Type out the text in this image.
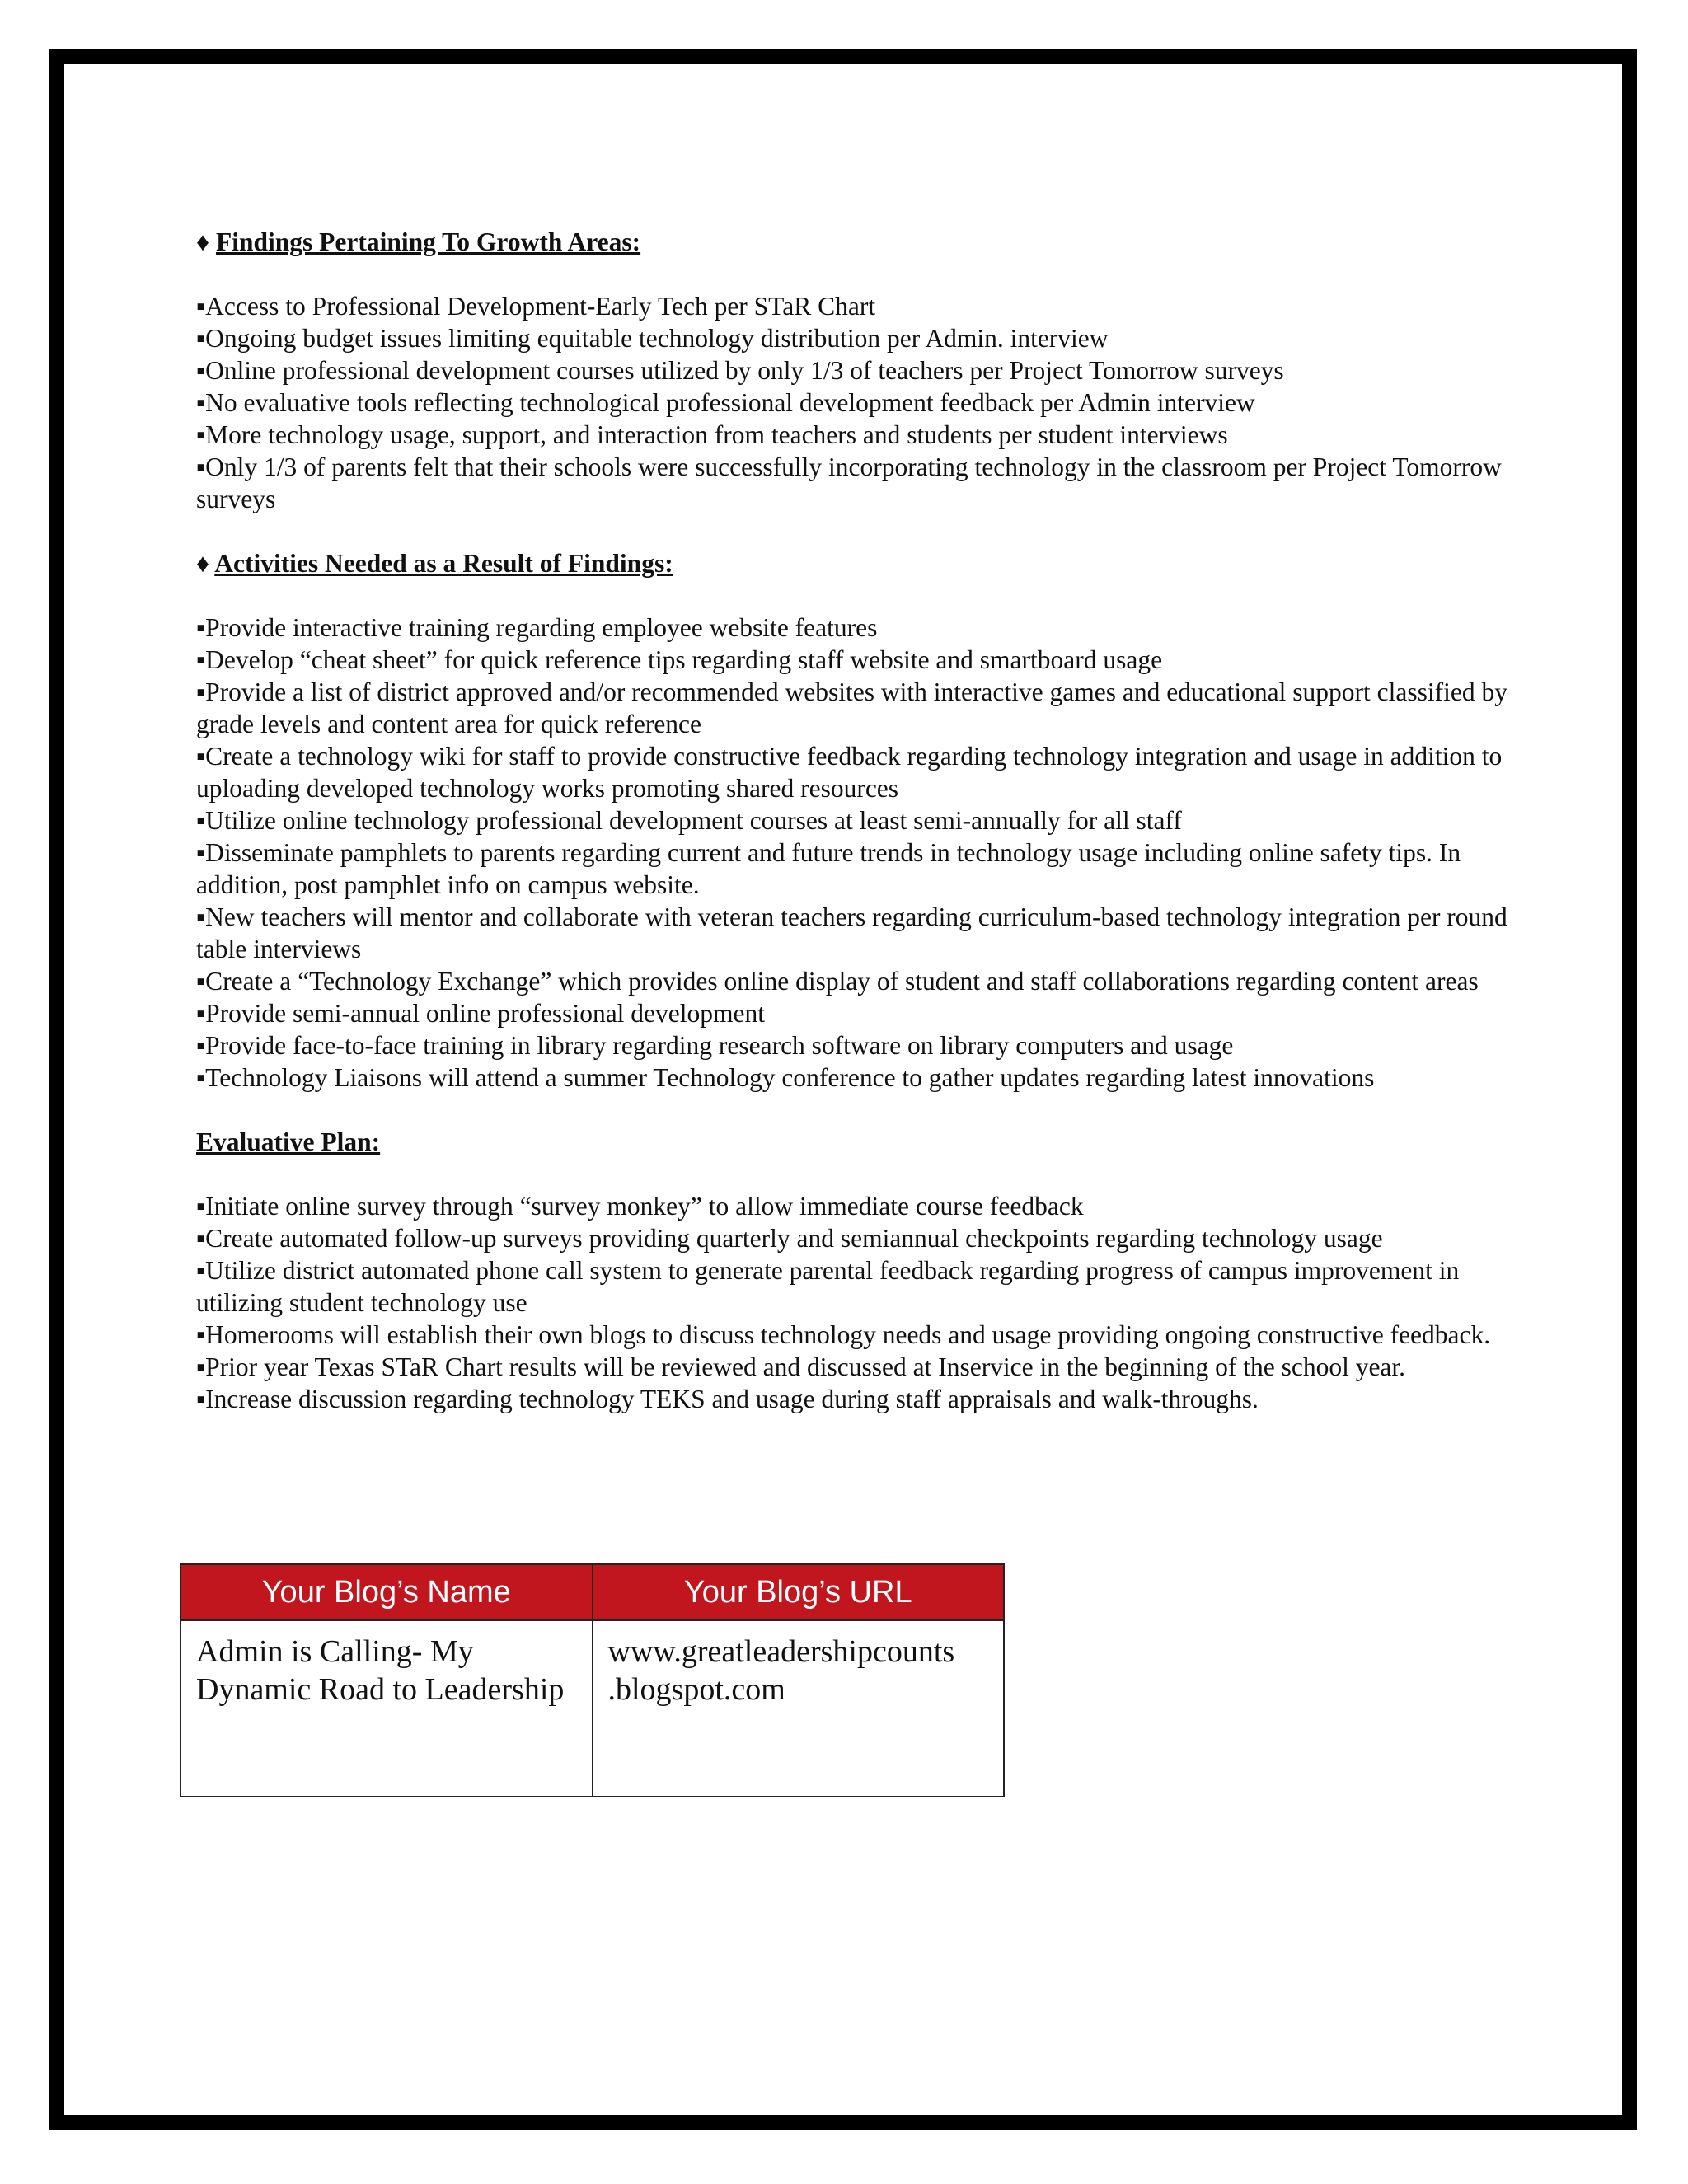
♦ Findings Pertaining To Growth Areas:

▪Access to Professional Development-Early Tech per STaR Chart
▪Ongoing budget issues limiting equitable technology distribution per Admin. interview
▪Online professional development courses utilized by only 1/3 of teachers per Project Tomorrow surveys
▪No evaluative tools reflecting technological professional development feedback per Admin interview
▪More technology usage, support, and interaction from teachers and students per student interviews
▪Only 1/3 of parents felt that their schools were successfully incorporating technology in the classroom per Project Tomorrow surveys

♦ Activities Needed as a Result of Findings:

▪Provide interactive training regarding employee website features
▪Develop “cheat sheet” for quick reference tips regarding staff website and smartboard usage
▪Provide a list of district approved and/or recommended websites with interactive games and educational support classified by grade levels and content area for quick reference
▪Create a technology wiki for staff to provide constructive feedback regarding technology integration and usage in addition to uploading developed technology works promoting shared resources
▪Utilize online technology professional development courses at least semi-annually for all staff
▪Disseminate pamphlets to parents regarding current and future trends in technology usage including online safety tips. In addition, post pamphlet info on campus website.
▪New teachers will mentor and collaborate with veteran teachers regarding curriculum-based technology integration per round table interviews
▪Create a “Technology Exchange” which provides online display of student and staff collaborations regarding content areas
▪Provide semi-annual online professional development
▪Provide face-to-face training in library regarding research software on library computers and usage
▪Technology Liaisons will attend a summer Technology conference to gather updates regarding latest innovations

Evaluative Plan:

▪Initiate online survey through “survey monkey” to allow immediate course feedback
▪Create automated follow-up surveys providing quarterly and semiannual checkpoints regarding technology usage
▪Utilize district automated phone call system to generate parental feedback regarding progress of campus improvement in utilizing student technology use
▪Homerooms will establish their own blogs to discuss technology needs and usage providing ongoing constructive feedback.
▪Prior year Texas STaR Chart results will be reviewed and discussed at Inservice in the beginning of the school year.
▪Increase discussion regarding technology TEKS and usage during staff appraisals and walk-throughs.
Your Blog’s Name	Your Blog’s URL
Admin is Calling- My Dynamic Road to Leadership	www.greatleadershipcounts .blogspot.com
